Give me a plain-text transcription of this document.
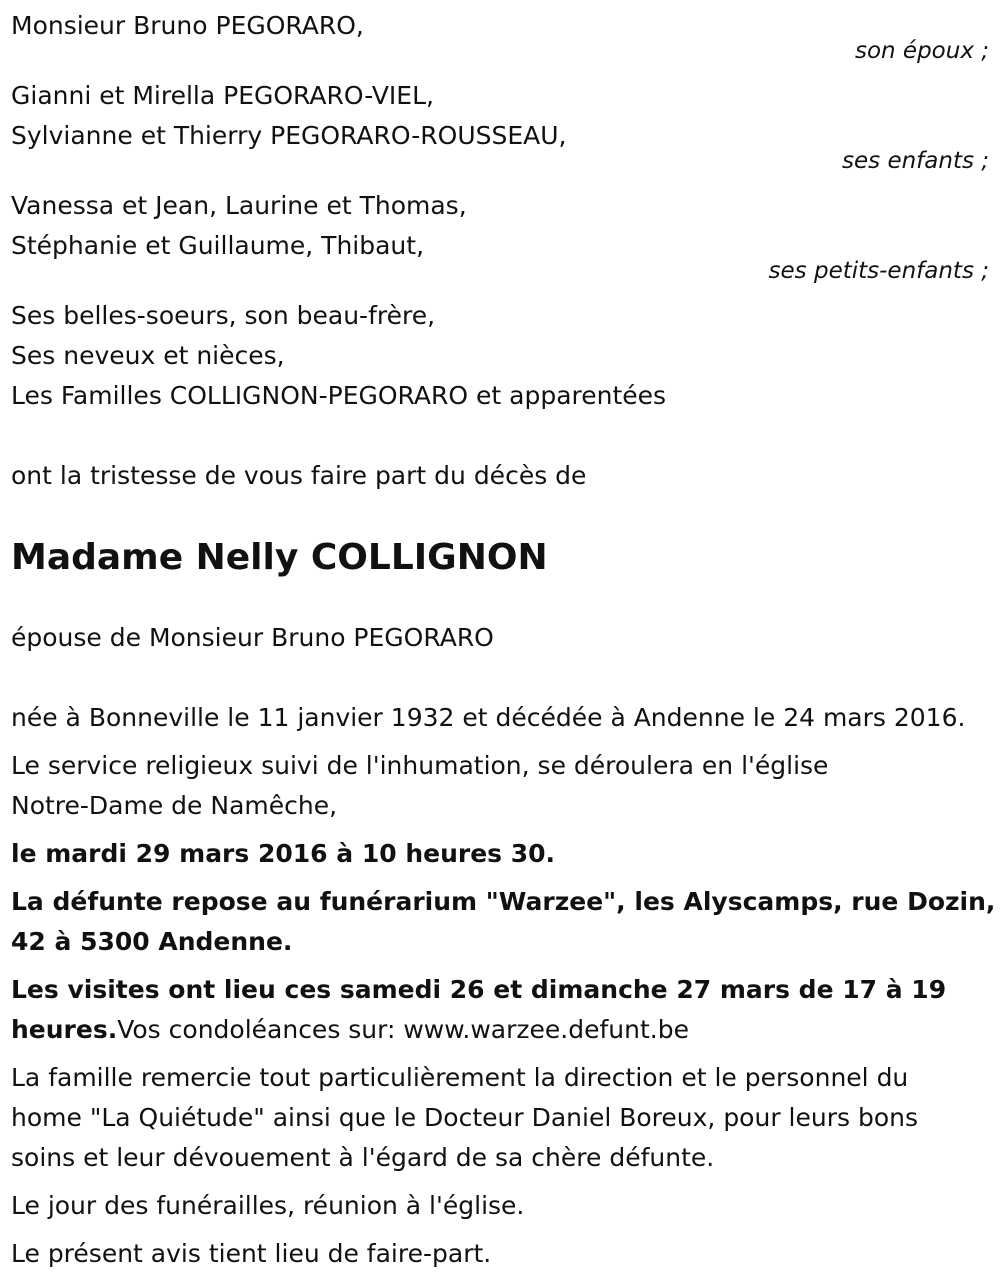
Monsieur Bruno PEGORARO,
son époux ;
Gianni et Mirella PEGORARO-VIEL,
Sylvianne et Thierry PEGORARO-ROUSSEAU,
ses enfants ;
Vanessa et Jean, Laurine et Thomas,
Stéphanie et Guillaume, Thibaut,
ses petits-enfants ;
Ses belles-soeurs, son beau-frère,
Ses neveux et nièces,
Les Familles COLLIGNON-PEGORARO et apparentées
ont la tristesse de vous faire part du décès de
Madame Nelly COLLIGNON
épouse de Monsieur Bruno PEGORARO
née à Bonneville le 11 janvier 1932 et décédée à Andenne le 24 mars 2016.
Le service religieux suivi de l'inhumation, se déroulera en l'église
Notre-Dame de Namêche,
le mardi 29 mars 2016 à 10 heures 30.
La défunte repose au funérarium "Warzee", les Alyscamps, rue Dozin,
42 à 5300 Andenne.
Les visites ont lieu ces samedi 26 et dimanche 27 mars de 17 à 19
heures.Vos condoléances sur: www.warzee.defunt.be
La famille remercie tout particulièrement la direction et le personnel du
home "La Quiétude" ainsi que le Docteur Daniel Boreux, pour leurs bons
soins et leur dévouement à l'égard de sa chère défunte.
Le jour des funérailles, réunion à l'église.
Le présent avis tient lieu de faire-part.
